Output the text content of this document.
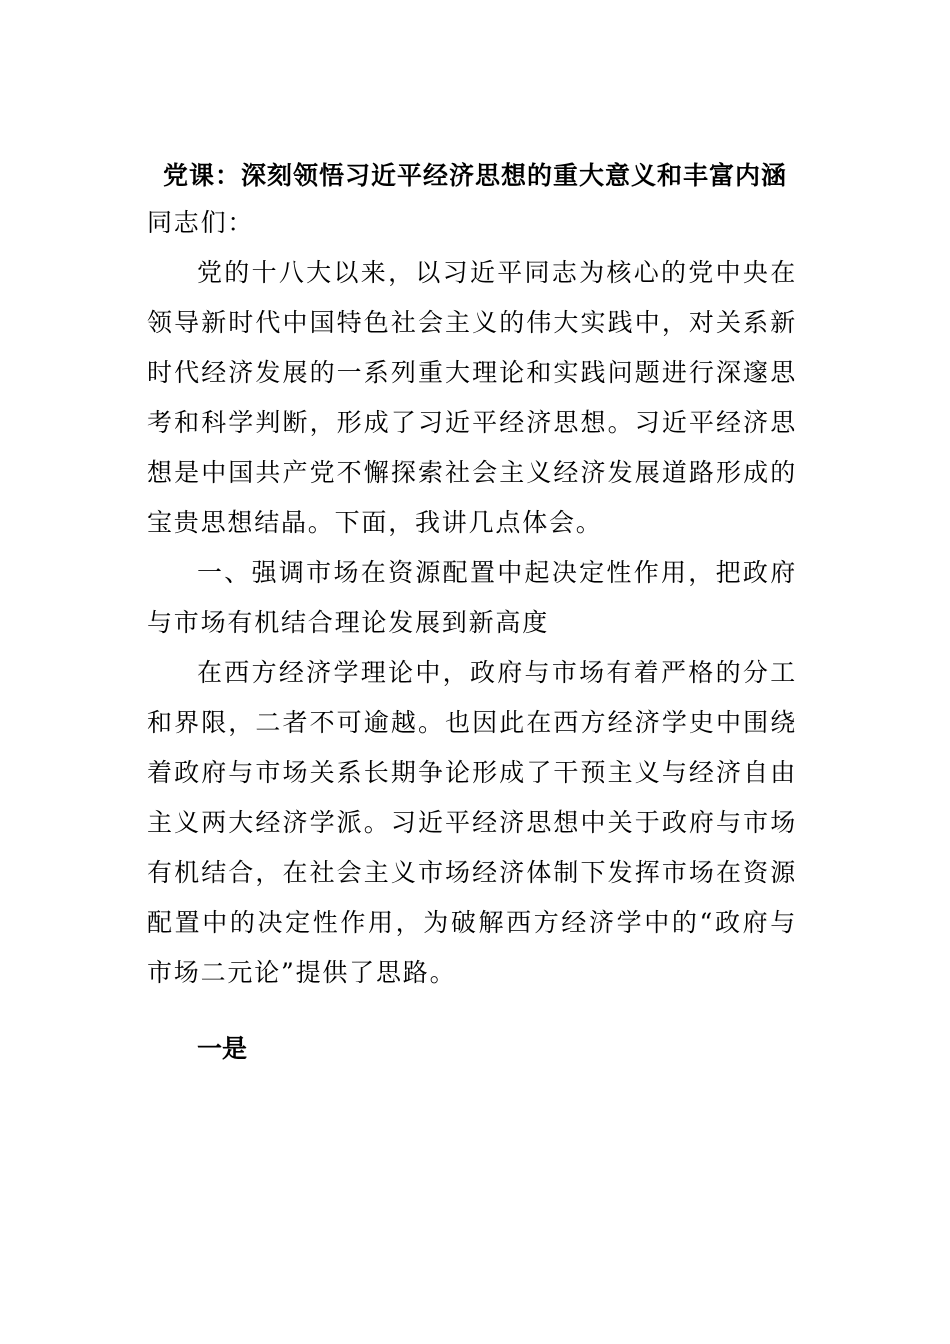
党课：深刻领悟习近平经济思想的重大意义和丰富内涵

同志们：

党的十八大以来，以习近平同志为核心的党中央在领导新时代中国特色社会主义的伟大实践中，对关系新时代经济发展的一系列重大理论和实践问题进行深邃思考和科学判断，形成了习近平经济思想。习近平经济思想是中国共产党不懈探索社会主义经济发展道路形成的宝贵思想结晶。下面，我讲几点体会。

一、强调市场在资源配置中起决定性作用，把政府与市场有机结合理论发展到新高度

在西方经济学理论中，政府与市场有着严格的分工和界限，二者不可逾越。也因此在西方经济学史中围绕着政府与市场关系长期争论形成了干预主义与经济自由主义两大经济学派。习近平经济思想中关于政府与市场有机结合，在社会主义市场经济体制下发挥市场在资源配置中的决定性作用，为破解西方经济学中的“政府与市场二元论”提供了思路。

一是
